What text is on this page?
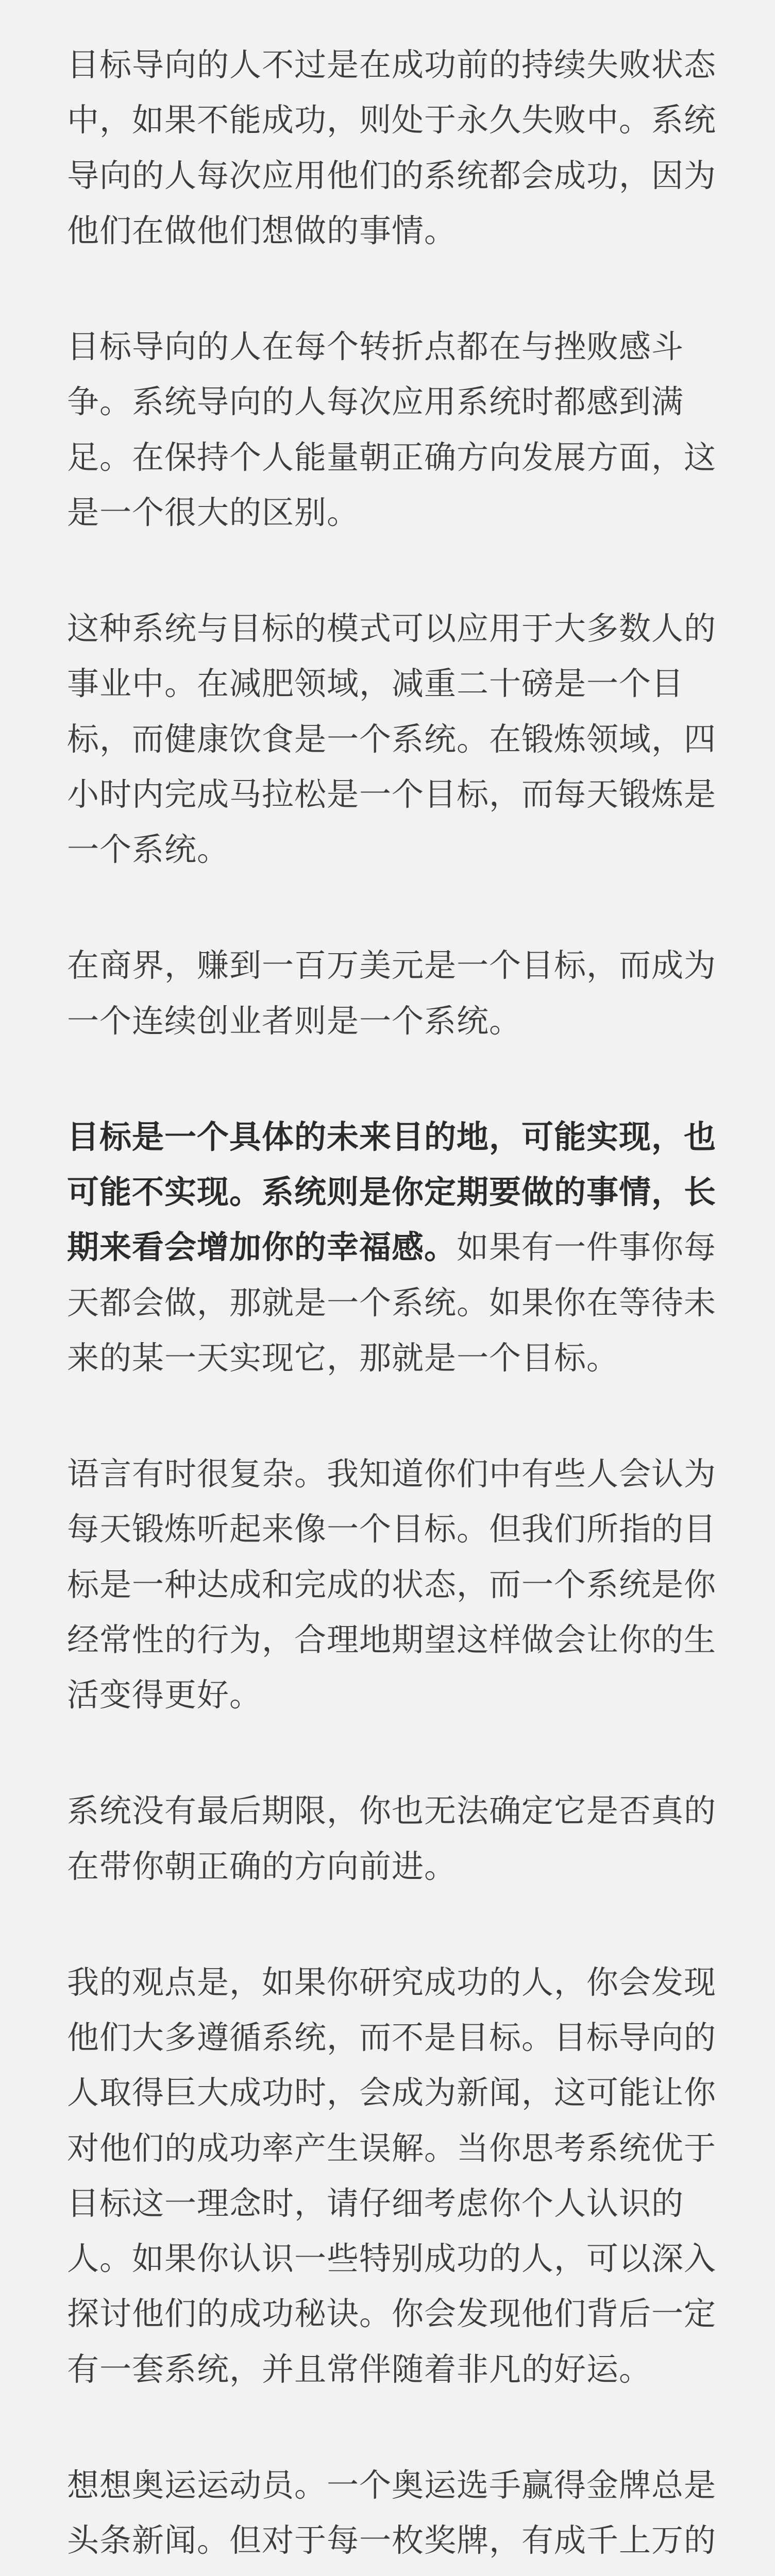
目标导向的人不过是在成功前的持续失败状态中，如果不能成功，则处于永久失败中。系统导向的人每次应用他们的系统都会成功，因为他们在做他们想做的事情。

目标导向的人在每个转折点都在与挫败感斗争。系统导向的人每次应用系统时都感到满足。在保持个人能量朝正确方向发展方面，这是一个很大的区别。

这种系统与目标的模式可以应用于大多数人的事业中。在减肥领域，减重二十磅是一个目标，而健康饮食是一个系统。在锻炼领域，四小时内完成马拉松是一个目标，而每天锻炼是一个系统。

在商界，赚到一百万美元是一个目标，而成为一个连续创业者则是一个系统。

目标是一个具体的未来目的地，可能实现，也可能不实现。系统则是你定期要做的事情，长期来看会增加你的幸福感。如果有一件事你每天都会做，那就是一个系统。如果你在等待未来的某一天实现它，那就是一个目标。

语言有时很复杂。我知道你们中有些人会认为每天锻炼听起来像一个目标。但我们所指的目标是一种达成和完成的状态，而一个系统是你经常性的行为，合理地期望这样做会让你的生活变得更好。

系统没有最后期限，你也无法确定它是否真的在带你朝正确的方向前进。

我的观点是，如果你研究成功的人，你会发现他们大多遵循系统，而不是目标。目标导向的人取得巨大成功时，会成为新闻，这可能让你对他们的成功率产生误解。当你思考系统优于目标这一理念时，请仔细考虑你个人认识的人。如果你认识一些特别成功的人，可以深入探讨他们的成功秘诀。你会发现他们背后一定有一套系统，并且常伴随着非凡的好运。

想想奥运运动员。一个奥运选手赢得金牌总是头条新闻。但对于每一枚奖牌，有成千上万的
